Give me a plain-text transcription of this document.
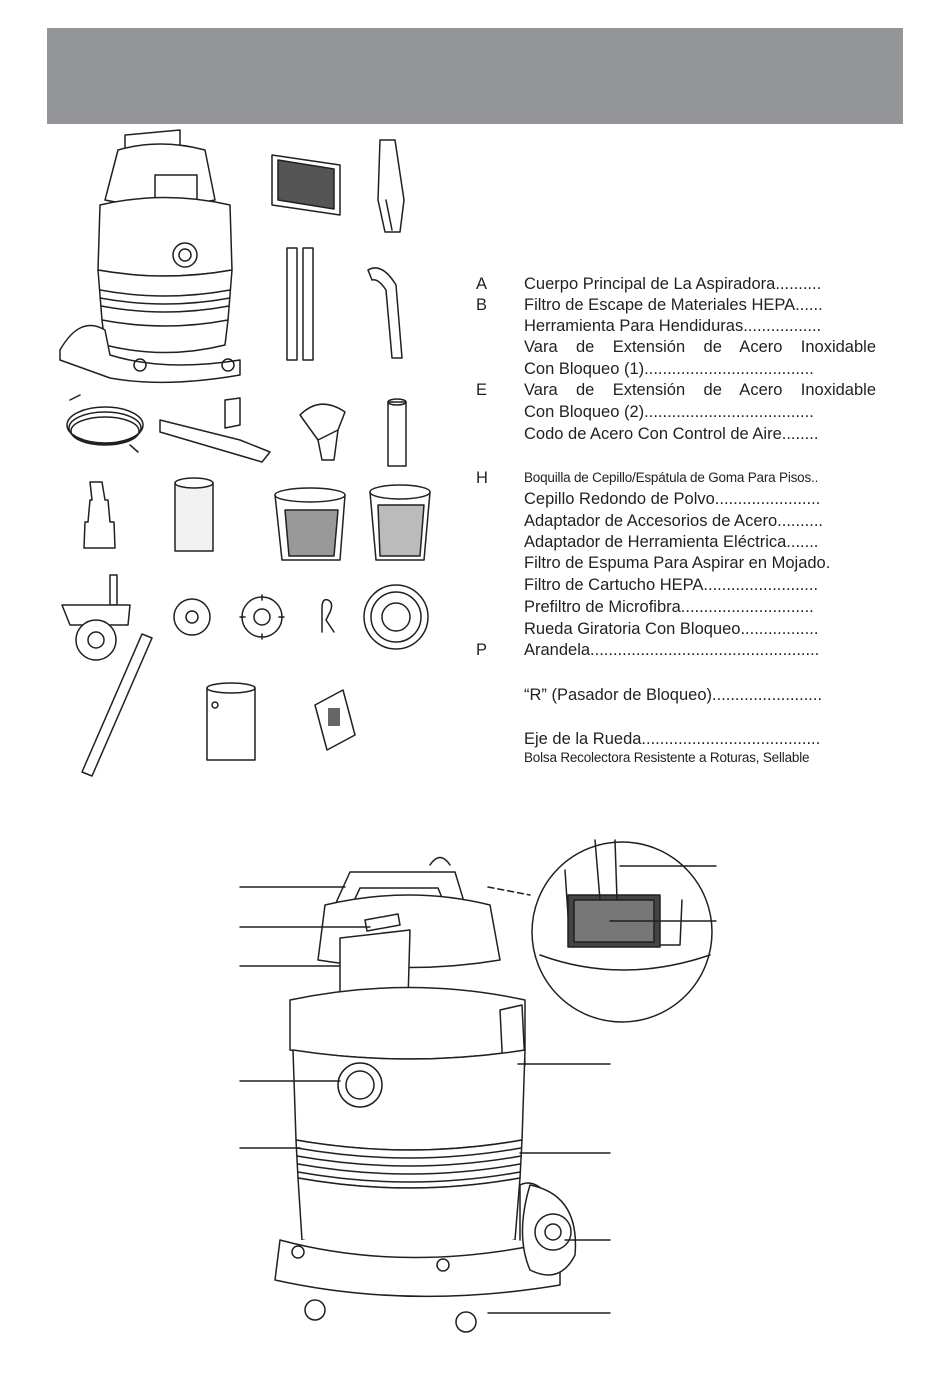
A	Cuerpo Principal de La Aspiradora..........
B	Filtro de Escape de Materiales HEPA......
Herramienta Para Hendiduras.................
Vara de Extensión de Acero Inoxidable
Con Bloqueo (1).....................................
E	Vara de Extensión de Acero Inoxidable
Con Bloqueo (2).....................................
Codo de Acero Con Control de Aire........
H	Boquilla de Cepillo/Espátula de Goma Para Pisos..
Cepillo Redondo de Polvo.......................
Adaptador de Accesorios de Acero..........
Adaptador de Herramienta Eléctrica.......
Filtro de Espuma Para Aspirar en Mojado.
Filtro de Cartucho HEPA.........................
Prefiltro de Microfibra.............................
Rueda Giratoria Con Bloqueo.................
P	Arandela..................................................
“R” (Pasador de Bloqueo)........................
Eje de la Rueda.......................................
Bolsa Recolectora Resistente a Roturas, Sellable
